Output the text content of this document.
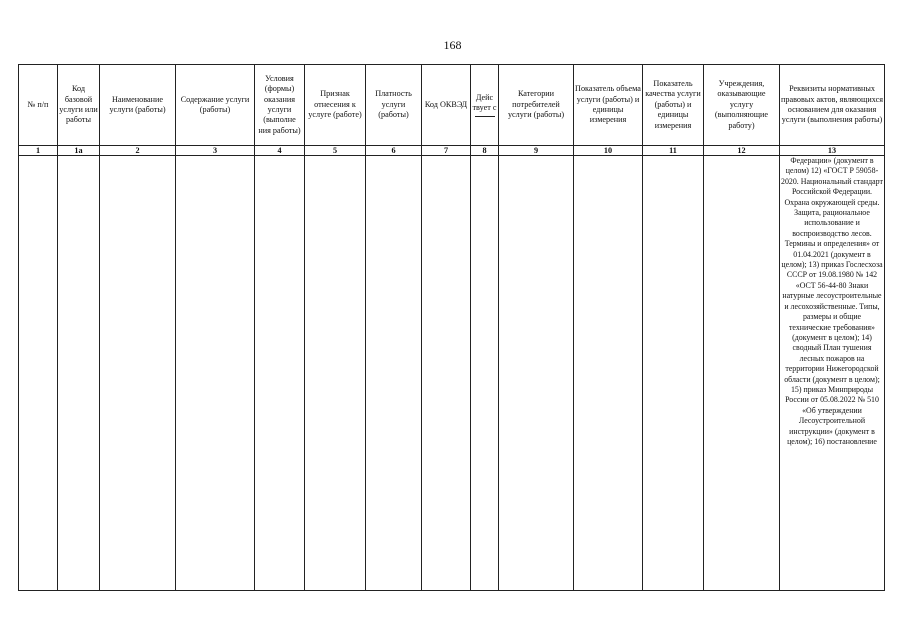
168
№ п/п	Код базовой услуги или работы	Наименование услуги (работы)	Содержание услуги (работы)	Условия (формы) оказания услуги (выполне ния работы)	Признак отнесения к услуге (работе)	Платность услуги (работы)	Код ОКВЭД	Дейс твует с	Категории потребителей услуги (работы)	Показатель объема услуги (работы) и единицы измерения	Показатель качества услуги (работы) и единицы измерения	Учреждения, оказывающие услугу (выполняющие работу)	Реквизиты нормативных правовых актов, являющихся основанием для оказания услуги (выполнения работы)
1	1а	2	3	4	5	6	7	8	9	10	11	12	13
													Федерации» (документ в целом) 12) «ГОСТ Р 59058-2020. Национальный стандарт Российской Федерации. Охрана окружающей среды. Защита, рациональное использование и воспроизводство лесов. Термины и определения» от 01.04.2021 (документ в целом); 13) приказ Гослесхоза СССР от 19.08.1980 № 142 «ОСТ 56-44-80 Знаки натурные лесоустроительные и лесохозяйственные. Типы, размеры и общие технические требования» (документ в целом); 14) сводный План тушения лесных пожаров на территории Нижегородской области (документ в целом); 15) приказ Минприроды России от 05.08.2022 № 510 «Об утверждении Лесоустроительной инструкции» (документ в целом); 16) постановление
